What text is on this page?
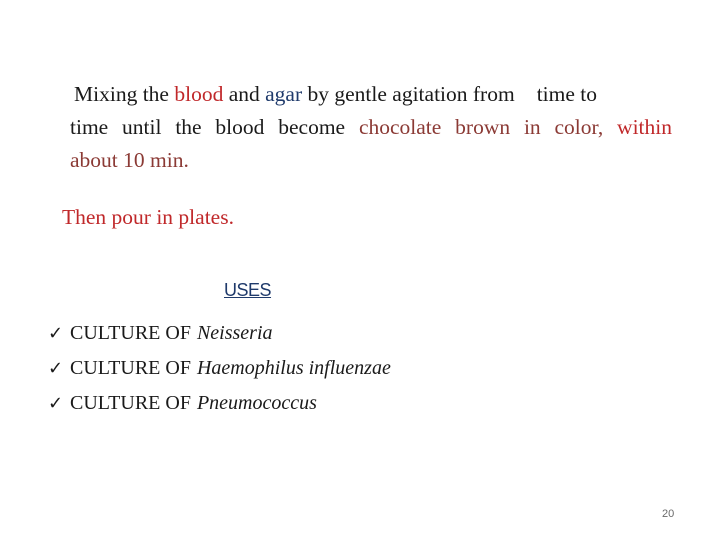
Mixing the blood and agar by gentle agitation from time to
time until the blood become chocolate brown in color, within
about 10 min.
Then pour in plates.
USES
✓ CULTURE OF Neisseria
✓ CULTURE OF Haemophilus influenzae
✓ CULTURE OF Pneumococcus
20
